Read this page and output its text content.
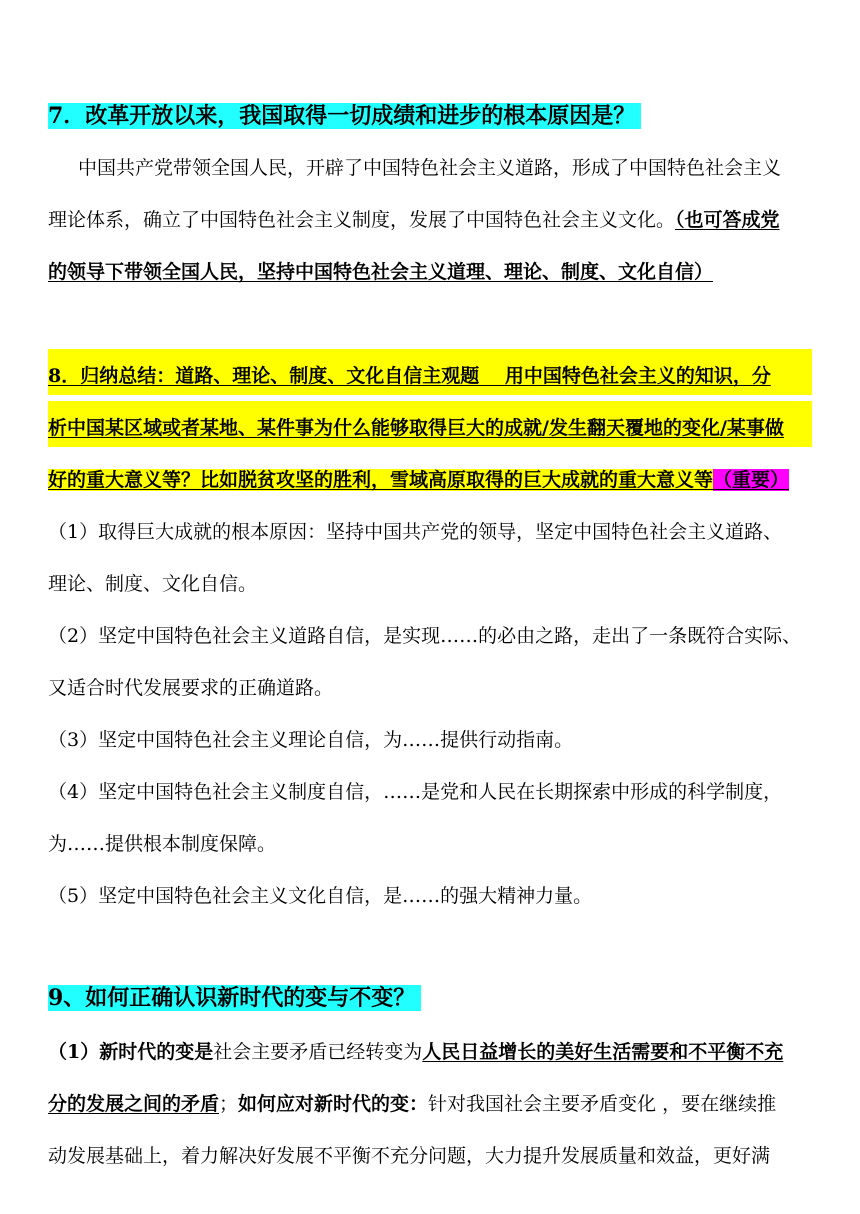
7．改革开放以来，我国取得一切成绩和进步的根本原因是？
中国共产党带领全国人民，开辟了中国特色社会主义道路，形成了中国特色社会主义
理论体系，确立了中国特色社会主义制度，发展了中国特色社会主义文化。（也可答成党
的领导下带领全国人民，坚持中国特色社会主义道理、理论、制度、文化自信）
8．归纳总结：道路、理论、制度、文化自信主观题　 用中国特色社会主义的知识，分
析中国某区域或者某地、某件事为什么能够取得巨大的成就/发生翻天覆地的变化/某事做
好的重大意义等？比如脱贫攻坚的胜利，雪域高原取得的巨大成就的重大意义等（重要）
（1）取得巨大成就的根本原因：坚持中国共产党的领导，坚定中国特色社会主义道路、
理论、制度、文化自信。
（2）坚定中国特色社会主义道路自信，是实现……的必由之路，走出了一条既符合实际、
又适合时代发展要求的正确道路。
（3）坚定中国特色社会主义理论自信，为……提供行动指南。
（4）坚定中国特色社会主义制度自信，……是党和人民在长期探索中形成的科学制度，
为……提供根本制度保障。
（5）坚定中国特色社会主义文化自信，是……的强大精神力量。
9、如何正确认识新时代的变与不变？
（1）新时代的变是社会主要矛盾已经转变为人民日益增长的美好生活需要和不平衡不充
分的发展之间的矛盾；如何应对新时代的变：针对我国社会主要矛盾变化 ，要在继续推
动发展基础上，着力解决好发展不平衡不充分问题，大力提升发展质量和效益，更好满
